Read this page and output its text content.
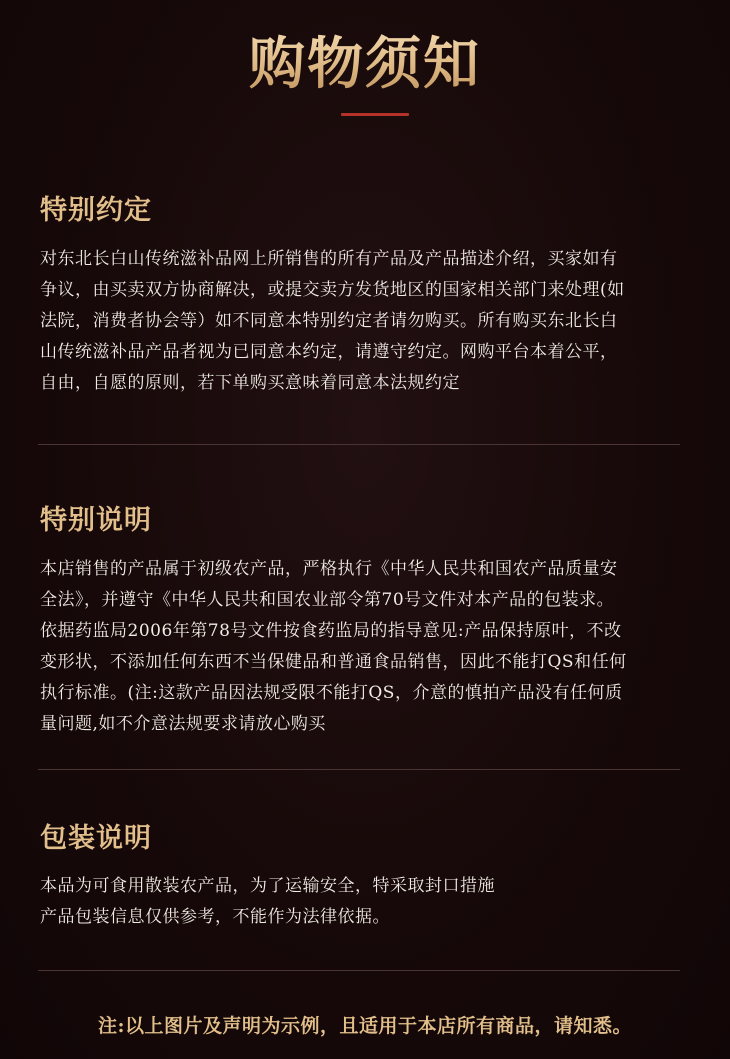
购物须知
特别约定

对东北长白山传统滋补品网上所销售的所有产品及产品描述介绍，买家如有
争议，由买卖双方协商解决，或提交卖方发货地区的国家相关部门来处理(如
法院，消费者协会等）如不同意本特别约定者请勿购买。所有购买东北长白
山传统滋补品产品者视为已同意本约定，请遵守约定。网购平台本着公平，
自由，自愿的原则，若下单购买意味着同意本法规约定

特别说明

本店销售的产品属于初级农产品，严格执行《中华人民共和国农产品质量安
全法》，并遵守《中华人民共和国农业部令第70号文件对本产品的包装求。
依据药监局2006年第78号文件按食药监局的指导意见:产品保持原叶，不改
变形状，不添加任何东西不当保健品和普通食品销售，因此不能打QS和任何
执行标准。(注:这款产品因法规受限不能打QS，介意的慎拍产品没有任何质
量问题,如不介意法规要求请放心购买

包装说明

本品为可食用散装农产品，为了运输安全，特采取封口措施
产品包装信息仅供参考，不能作为法律依据。

注:以上图片及声明为示例，且适用于本店所有商品，请知悉。
